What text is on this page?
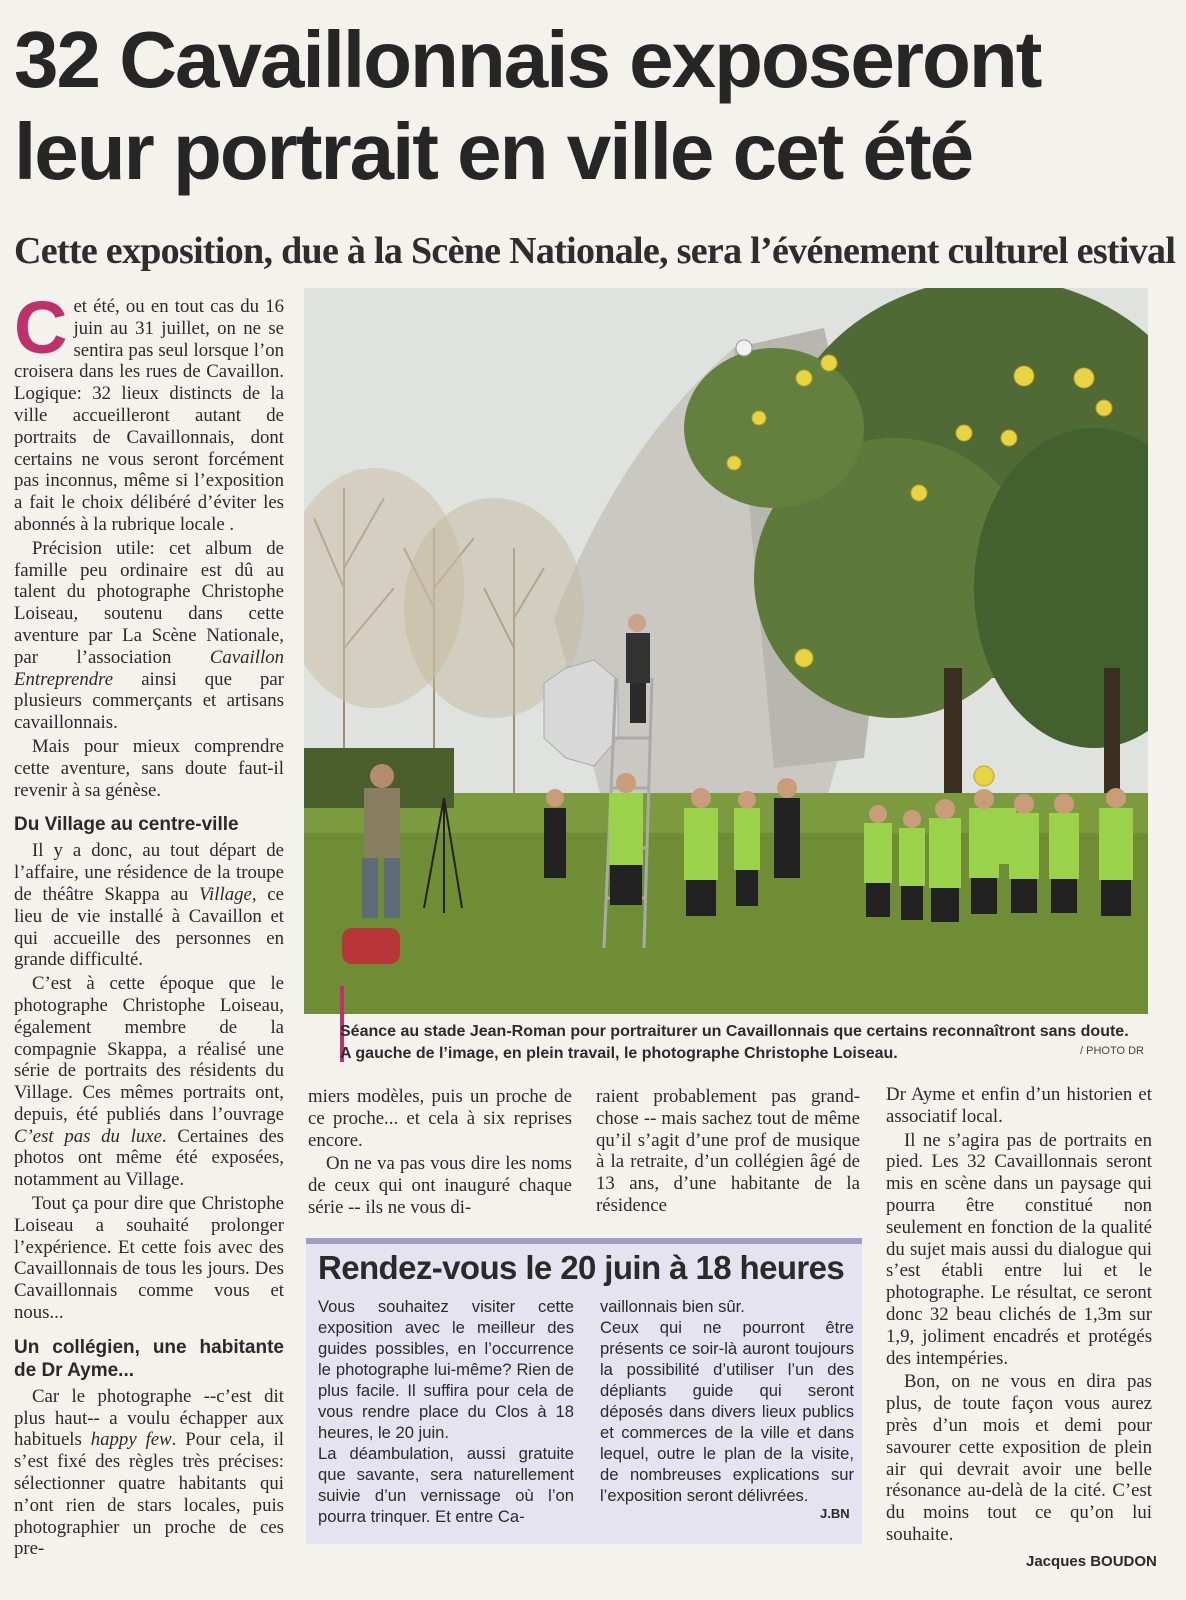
32 Cavaillonnais exposeront leur portrait en ville cet été
Cette exposition, due à la Scène Nationale, sera l’événement culturel estival

Cet été, ou en tout cas du 16 juin au 31 juillet, on ne se sentira pas seul lorsque l’on croisera dans les rues de Cavaillon. Logique: 32 lieux distincts de la ville accueilleront autant de portraits de Cavaillonnais, dont certains ne vous seront forcément pas inconnus, même si l’exposition a fait le choix délibéré d’éviter les abonnés à la rubrique locale .

Précision utile: cet album de famille peu ordinaire est dû au talent du photographe Christophe Loiseau, soutenu dans cette aventure par La Scène Nationale, par l’association Cavaillon Entreprendre ainsi que par plusieurs commerçants et artisans cavaillonnais.

Mais pour mieux comprendre cette aventure, sans doute faut-il revenir à sa génèse.

Du Village au centre-ville

Il y a donc, au tout départ de l’affaire, une résidence de la troupe de théâtre Skappa au Village, ce lieu de vie installé à Cavaillon et qui accueille des personnes en grande difficulté.

C’est à cette époque que le photographe Christophe Loiseau, également membre de la compagnie Skappa, a réalisé une série de portraits des résidents du Village. Ces mêmes portraits ont, depuis, été publiés dans l’ouvrage C’est pas du luxe. Certaines des photos ont même été exposées, notamment au Village.

Tout ça pour dire que Christophe Loiseau a souhaité prolonger l’expérience. Et cette fois avec des Cavaillonnais de tous les jours. Des Cavaillonnais comme vous et nous...

Un collégien, une habitante de Dr Ayme...

Car le photographe --c’est dit plus haut-- a voulu échapper aux habituels happy few. Pour cela, il s’est fixé des règles très précises: sélectionner quatre habitants qui n’ont rien de stars locales, puis photographier un proche de ces pre-

Séance au stade Jean-Roman pour portraiturer un Cavaillonnais que certains reconnaîtront sans doute. A gauche de l’image, en plein travail, le photographe Christophe Loiseau.	/ PHOTO DR

miers modèles, puis un proche de ce proche... et cela à six reprises encore.

On ne va pas vous dire les noms de ceux qui ont inauguré chaque série -- ils ne vous di-

raient probablement pas grand-chose -- mais sachez tout de même qu’il s’agit d’une prof de musique à la retraite, d’un collégien âgé de 13 ans, d’une habitante de la résidence

Dr Ayme et enfin d’un historien et associatif local.

Il ne s’agira pas de portraits en pied. Les 32 Cavaillonnais seront mis en scène dans un paysage qui pourra être constitué non seulement en fonction de la qualité du sujet mais aussi du dialogue qui s’est établi entre lui et le photographe. Le résultat, ce seront donc 32 beau clichés de 1,3m sur 1,9, joliment encadrés et protégés des intempéries.

Bon, on ne vous en dira pas plus, de toute façon vous aurez près d’un mois et demi pour savourer cette exposition de plein air qui devrait avoir une belle résonance au-delà de la cité. C’est du moins tout ce qu’on lui souhaite.

Rendez-vous le 20 juin à 18 heures

Vous souhaitez visiter cette exposition avec le meilleur des guides possibles, en l’occurrence le photographe lui-même? Rien de plus facile. Il suffira pour cela de vous rendre place du Clos à 18 heures, le 20 juin.

La déambulation, aussi gratuite que savante, sera naturellement suivie d’un vernissage où l’on pourra trinquer. Et entre Ca-

vaillonnais bien sûr.

Ceux qui ne pourront être présents ce soir-là auront toujours la possibilité d’utiliser l’un des dépliants guide qui seront déposés dans divers lieux publics et commerces de la ville et dans lequel, outre le plan de la visite, de nombreuses explications sur l’exposition seront délivrées.

J.BN
Jacques BOUDON
